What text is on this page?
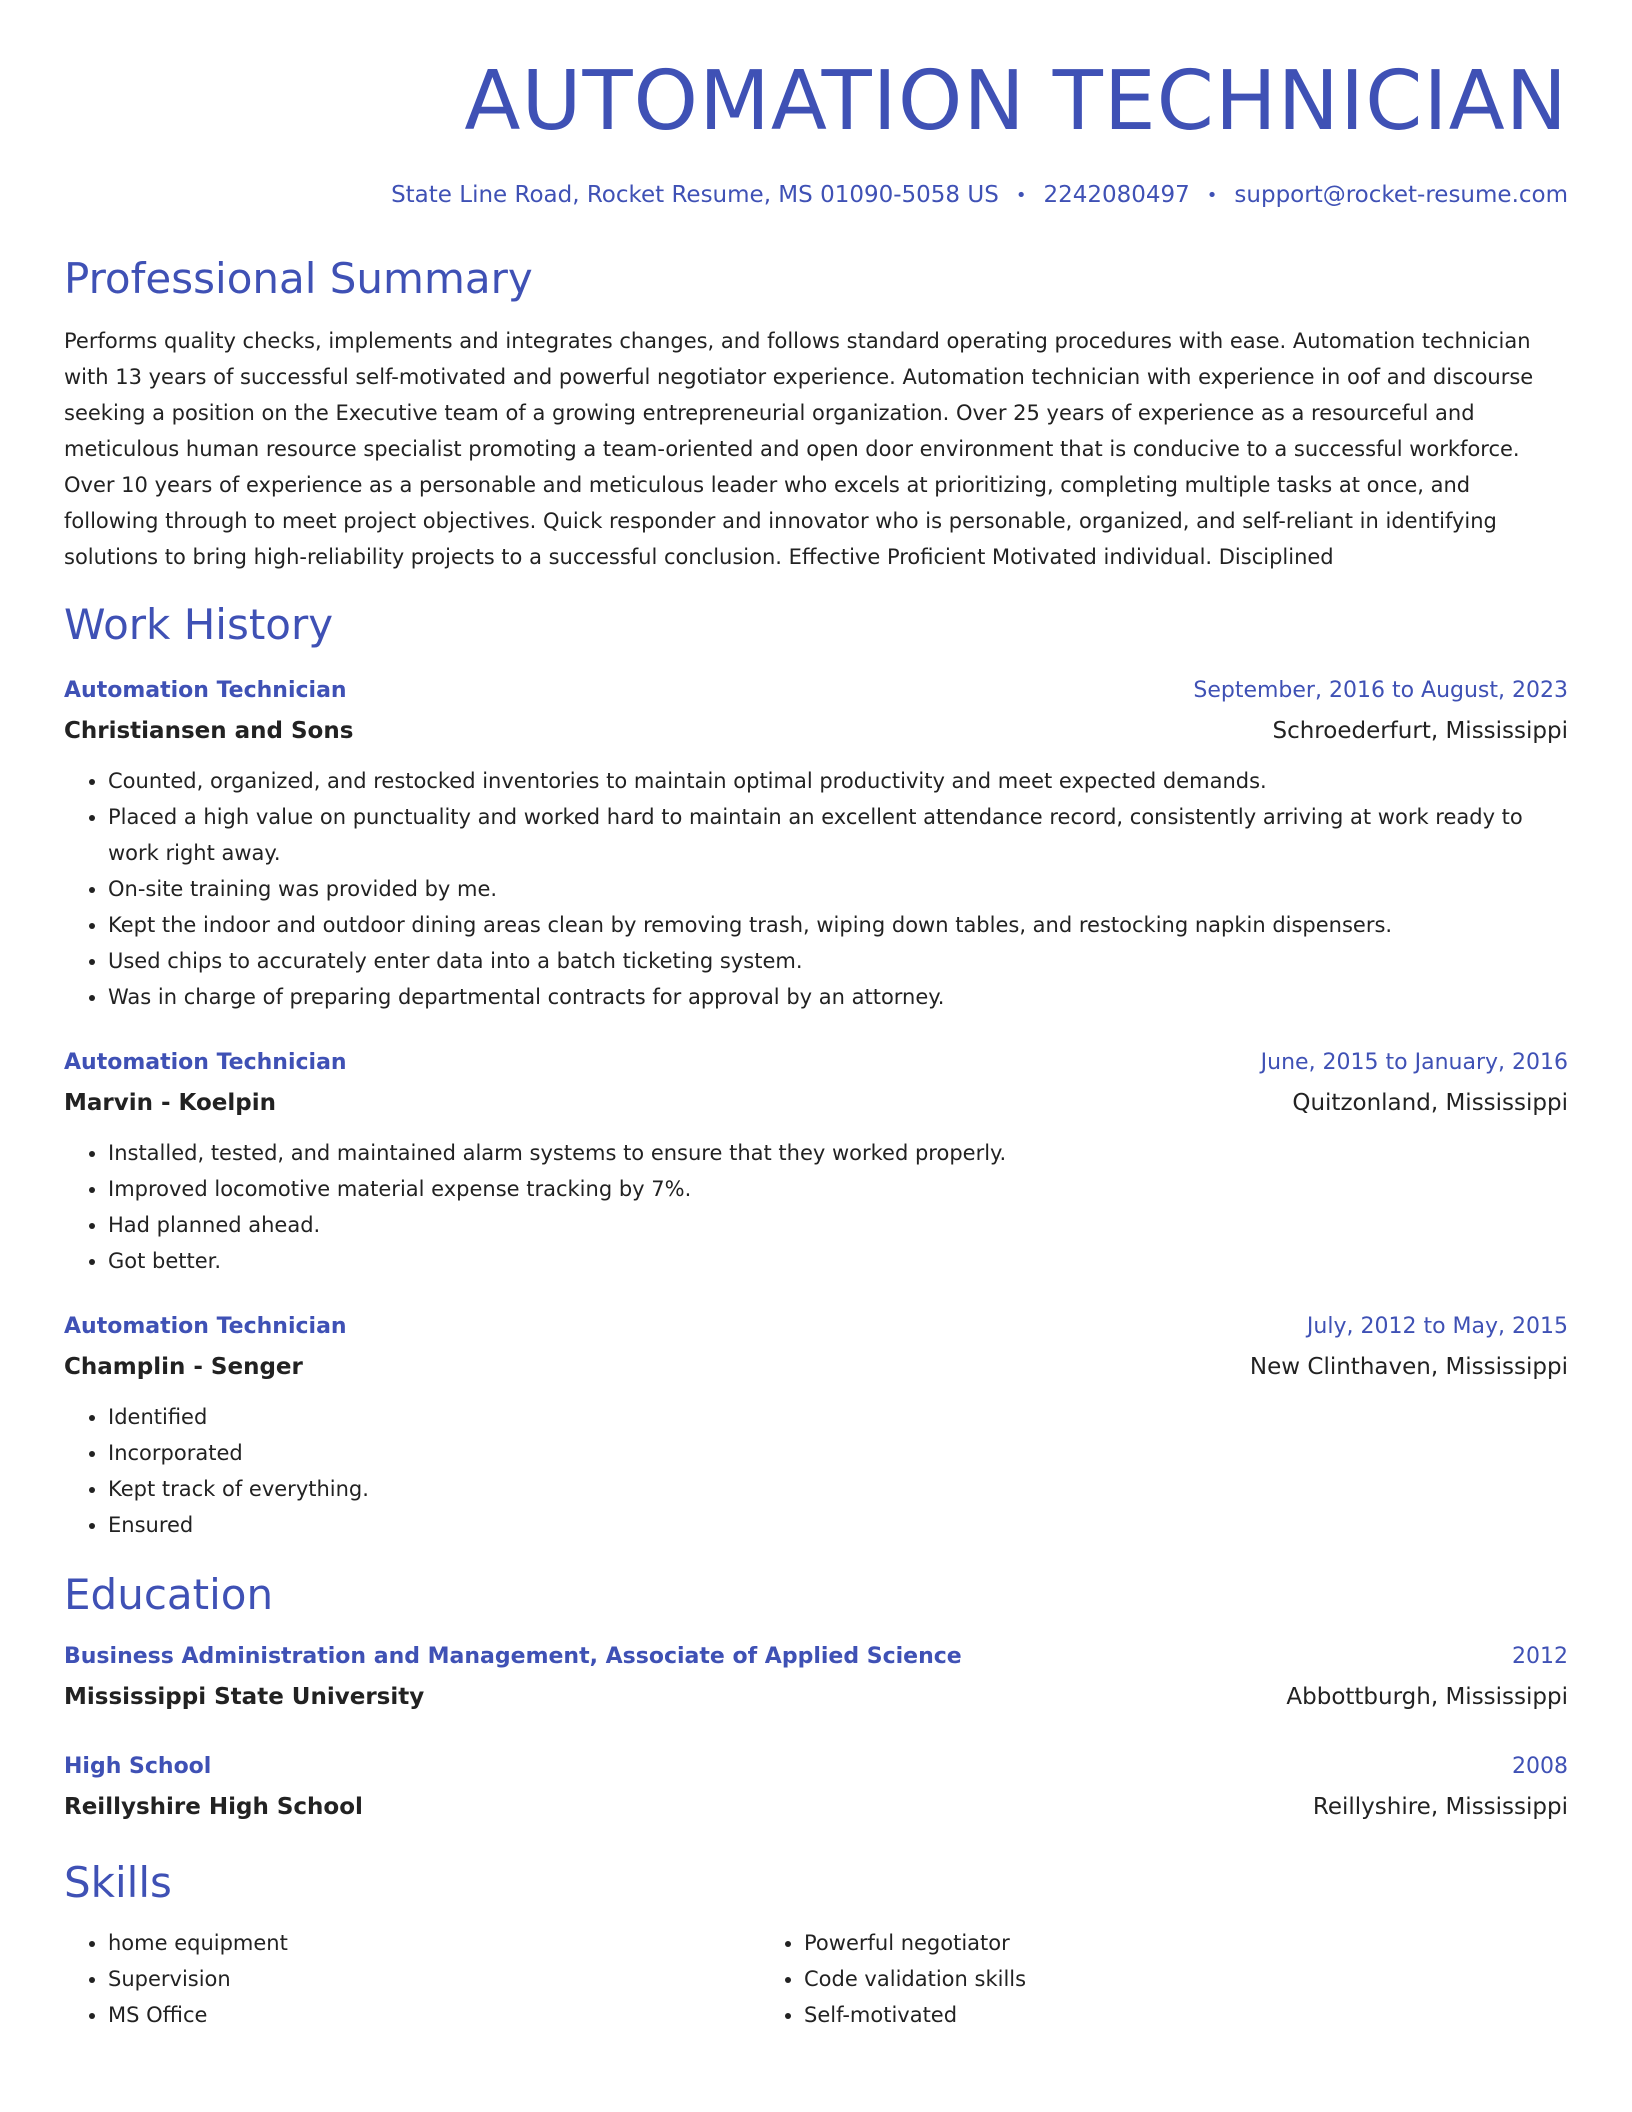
AUTOMATION TECHNICIAN
State Line Road, Rocket Resume, MS 01090-5058 US • 2242080497 • support@rocket-resume.com
Professional Summary

Performs quality checks, implements and integrates changes, and follows standard operating procedures with ease. Automation technician with 13 years of successful self-motivated and powerful negotiator experience. Automation technician with experience in oof and discourse seeking a position on the Executive team of a growing entrepreneurial organization. Over 25 years of experience as a resourceful and meticulous human resource specialist promoting a team-oriented and open door environment that is conducive to a successful workforce. Over 10 years of experience as a personable and meticulous leader who excels at prioritizing, completing multiple tasks at once, and following through to meet project objectives. Quick responder and innovator who is personable, organized, and self-reliant in identifying solutions to bring high-reliability projects to a successful conclusion. Effective Proficient Motivated individual. Disciplined

Work History
Automation Technician	September, 2016 to August, 2023
Christiansen and Sons	Schroederfurt, Mississippi
• Counted, organized, and restocked inventories to maintain optimal productivity and meet expected demands.
• Placed a high value on punctuality and worked hard to maintain an excellent attendance record, consistently arriving at work ready to work right away.
• On-site training was provided by me.
• Kept the indoor and outdoor dining areas clean by removing trash, wiping down tables, and restocking napkin dispensers.
• Used chips to accurately enter data into a batch ticketing system.
• Was in charge of preparing departmental contracts for approval by an attorney.
Automation Technician	June, 2015 to January, 2016
Marvin - Koelpin	Quitzonland, Mississippi
• Installed, tested, and maintained alarm systems to ensure that they worked properly.
• Improved locomotive material expense tracking by 7%.
• Had planned ahead.
• Got better.
Automation Technician	July, 2012 to May, 2015
Champlin - Senger	New Clinthaven, Mississippi
• Identified
• Incorporated
• Kept track of everything.
• Ensured
Education
Business Administration and Management, Associate of Applied Science	2012
Mississippi State University	Abbottburgh, Mississippi
High School	2008
Reillyshire High School	Reillyshire, Mississippi
Skills
• home equipment
• Supervision
• MS Office
• Powerful negotiator
• Code validation skills
• Self-motivated
